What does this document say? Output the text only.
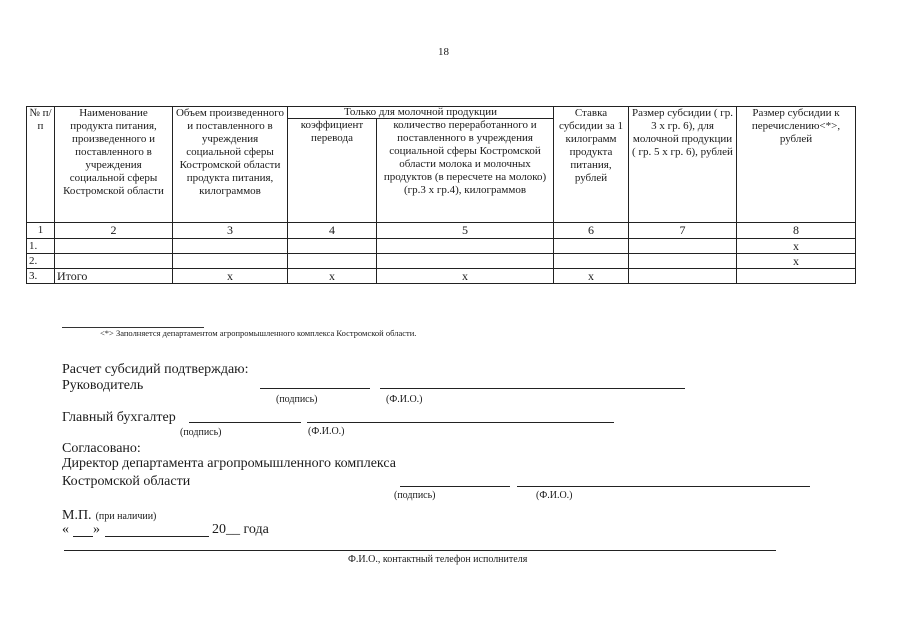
18
№ п/п	Наименование продукта питания, произведенного и поставленного в учреждения социальной сферы Костромской области	Объем произведенного и поставленного в учреждения социальной сферы Костромской области продукта питания, килограммов	Только для молочной продукции		Ставка субсидии за 1 килограмм продукта питания, рублей	Размер субсидии ( гр. 3 х гр. 6), для молочной продукции ( гр. 5 х гр. 6), рублей	Размер субсидии к перечислению<*>, рублей
			коэффициент перевода	количество переработанного и поставленного в учреждения социальной сферы Костромской области молока и молочных продуктов (в пересчете на молоко) (гр.3 х гр.4), килограммов			
1	2	3	4	5	6	7	8
1.							x
2.							x
3.	Итого	x	x	x	x		
<*> Заполняется департаментом агропромышленного комплекса Костромской области.
Расчет субсидий подтверждаю:
Руководитель
(подпись)	(Ф.И.О.)
Главный бухгалтер
(подпись)	(Ф.И.О.)
Согласовано:
Директор департамента агропромышленного комплекса
Костромской области
(подпись)	(Ф.И.О.)
М.П. (при наличии)
« »	20__ года
Ф.И.О., контактный телефон исполнителя
